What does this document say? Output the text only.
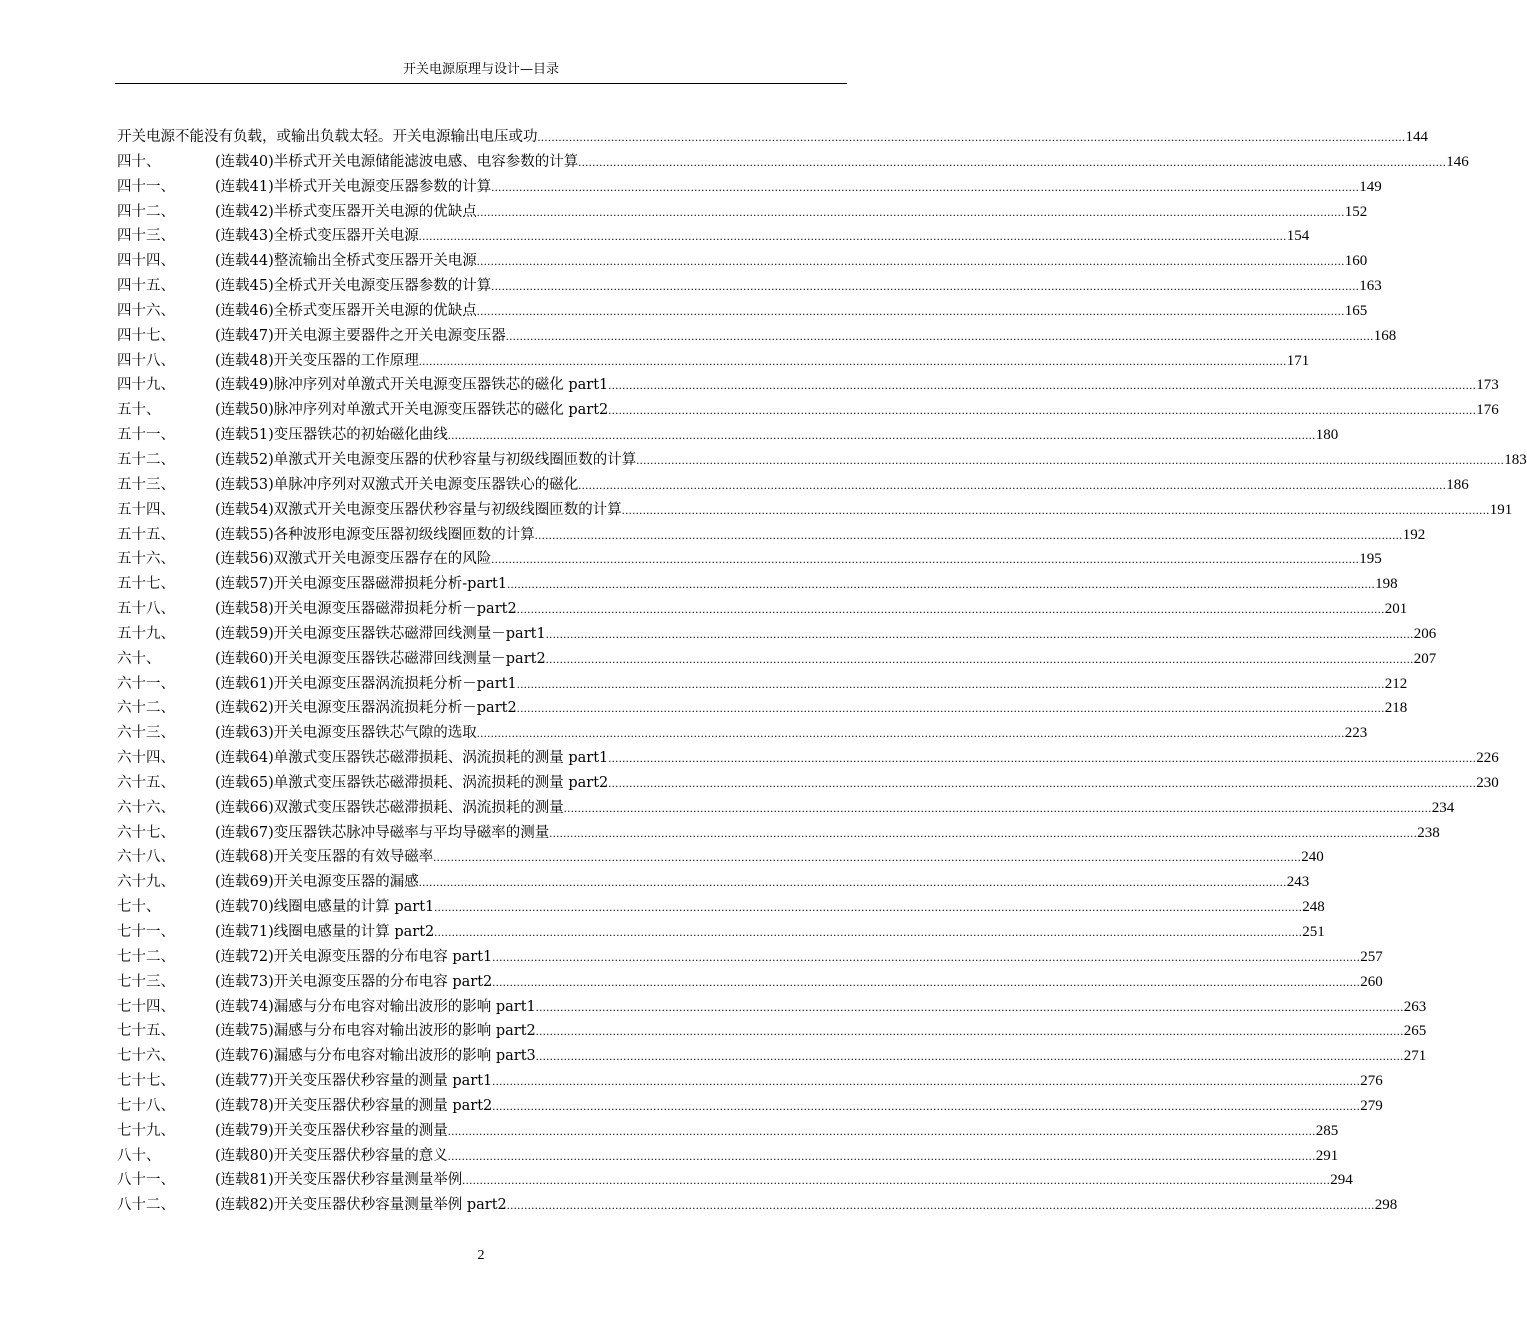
开关电源原理与设计—目录
开关电源不能没有负载，或输出负载太轻。开关电源输出电压或功 .....	144
四十、	(连载40)半桥式开关电源储能滤波电感、电容参数的计算 .....	146
四十一、	(连载41)半桥式开关电源变压器参数的计算 .....	149
四十二、	(连载42)半桥式变压器开关电源的优缺点 .....	152
四十三、	(连载43)全桥式变压器开关电源 .....	154
四十四、	(连载44)整流输出全桥式变压器开关电源 .....	160
四十五、	(连载45)全桥式开关电源变压器参数的计算 .....	163
四十六、	(连载46)全桥式变压器开关电源的优缺点 .....	165
四十七、	(连载47)开关电源主要器件之开关电源变压器 .....	168
四十八、	(连载48)开关变压器的工作原理 .....	171
四十九、	(连载49)脉冲序列对单激式开关电源变压器铁芯的磁化 part1 .....	173
五十、	(连载50)脉冲序列对单激式开关电源变压器铁芯的磁化 part2 .....	176
五十一、	(连载51)变压器铁芯的初始磁化曲线 .....	180
五十二、	(连载52)单激式开关电源变压器的伏秒容量与初级线圈匝数的计算 .....	183
五十三、	(连载53)单脉冲序列对双激式开关电源变压器铁心的磁化 .....	186
五十四、	(连载54)双激式开关电源变压器伏秒容量与初级线圈匝数的计算 .....	191
五十五、	(连载55)各种波形电源变压器初级线圈匝数的计算 .....	192
五十六、	(连载56)双激式开关电源变压器存在的风险 .....	195
五十七、	(连载57)开关电源变压器磁滞损耗分析-part1 .....	198
五十八、	(连载58)开关电源变压器磁滞损耗分析－part2 .....	201
五十九、	(连载59)开关电源变压器铁芯磁滞回线测量－part1 .....	206
六十、	(连载60)开关电源变压器铁芯磁滞回线测量－part2 .....	207
六十一、	(连载61)开关电源变压器涡流损耗分析－part1 .....	212
六十二、	(连载62)开关电源变压器涡流损耗分析－part2 .....	218
六十三、	(连载63)开关电源变压器铁芯气隙的选取 .....	223
六十四、	(连载64)单激式变压器铁芯磁滞损耗、涡流损耗的测量 part1 .....	226
六十五、	(连载65)单激式变压器铁芯磁滞损耗、涡流损耗的测量 part2 .....	230
六十六、	(连载66)双激式变压器铁芯磁滞损耗、涡流损耗的测量 .....	234
六十七、	(连载67)变压器铁芯脉冲导磁率与平均导磁率的测量 .....	238
六十八、	(连载68)开关变压器的有效导磁率 .....	240
六十九、	(连载69)开关电源变压器的漏感 .....	243
七十、	(连载70)线圈电感量的计算 part1 .....	248
七十一、	(连载71)线圈电感量的计算 part2 .....	251
七十二、	(连载72)开关电源变压器的分布电容 part1 .....	257
七十三、	(连载73)开关电源变压器的分布电容 part2 .....	260
七十四、	(连载74)漏感与分布电容对输出波形的影响 part1 .....	263
七十五、	(连载75)漏感与分布电容对输出波形的影响 part2 .....	265
七十六、	(连载76)漏感与分布电容对输出波形的影响 part3 .....	271
七十七、	(连载77)开关变压器伏秒容量的测量 part1 .....	276
七十八、	(连载78)开关变压器伏秒容量的测量 part2 .....	279
七十九、	(连载79)开关变压器伏秒容量的测量 .....	285
八十、	(连载80)开关变压器伏秒容量的意义 .....	291
八十一、	(连载81)开关变压器伏秒容量测量举例 .....	294
八十二、	(连载82)开关变压器伏秒容量测量举例 part2 .....	298
2
